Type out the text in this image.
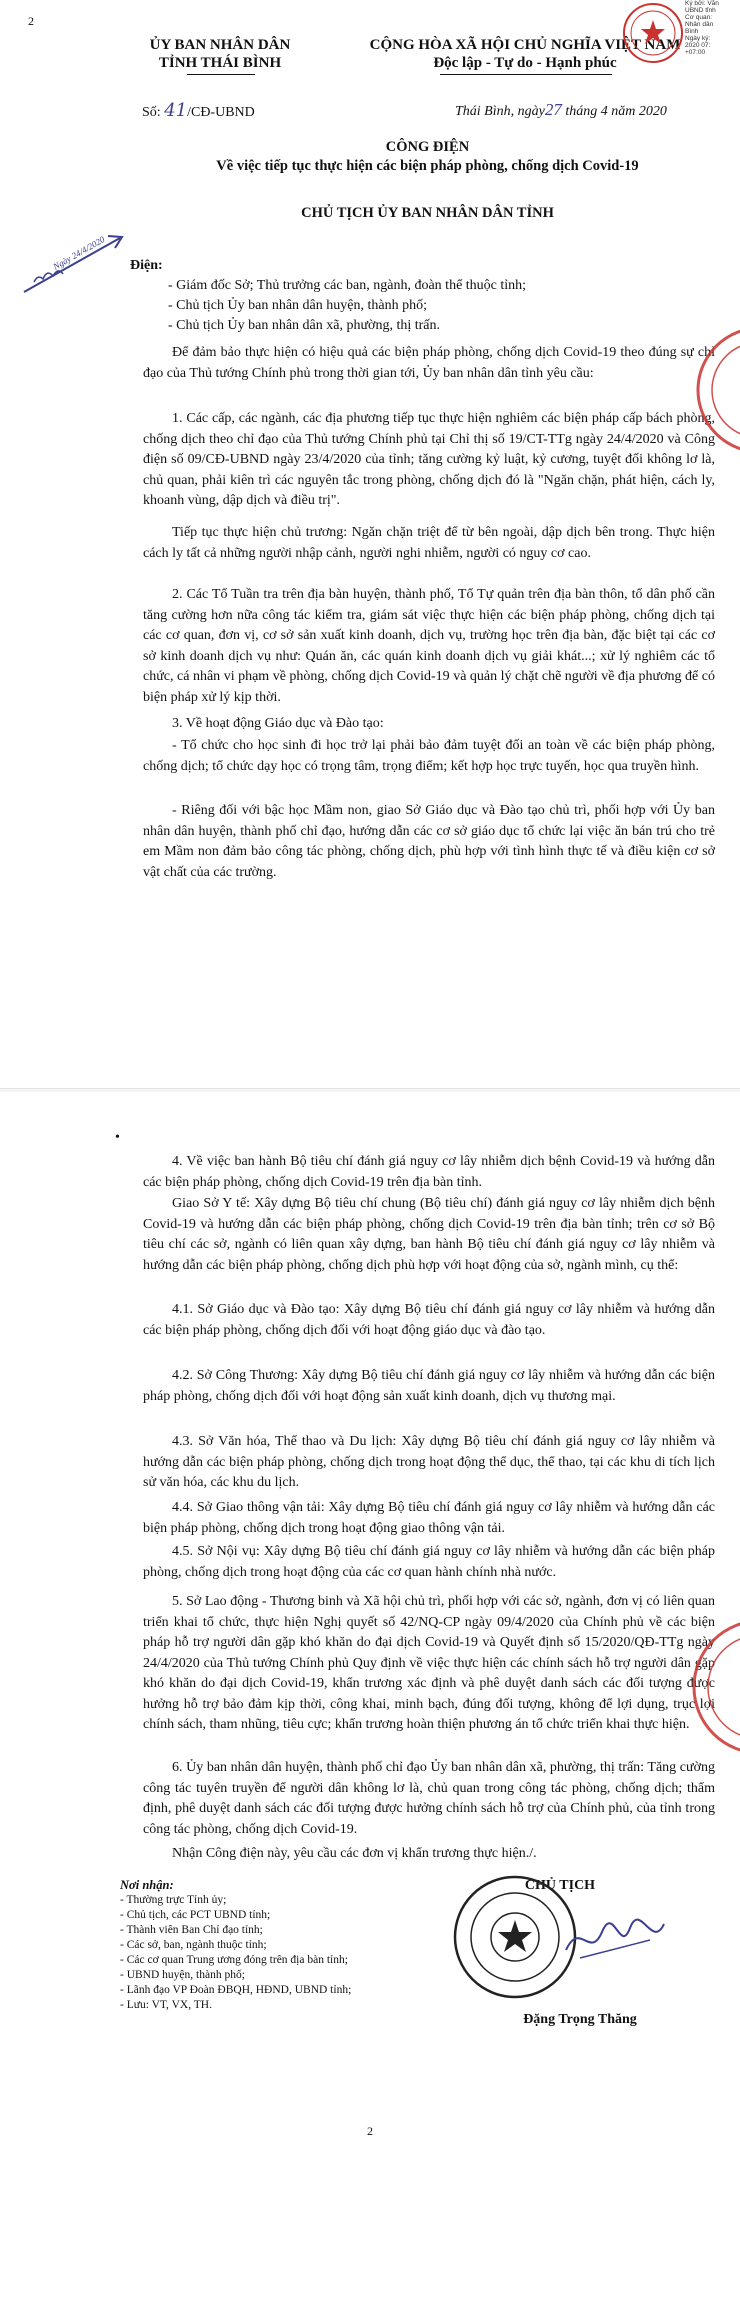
2
ỦY BAN NHÂN DÂN
TỈNH THÁI BÌNH
CỘNG HÒA XÃ HỘI CHỦ NGHĨA VIỆT NAM
Độc lập - Tự do - Hạnh phúc
Ký bởi: Văn
UBND tỉnh
Cơ quan:
Nhân dân
Bình
Ngày ký:
2020 07:
+07:00
Số: 41/CĐ-UBND	Thái Bình, ngày27 tháng 4 năm 2020
CÔNG ĐIỆN
Về việc tiếp tục thực hiện các biện pháp phòng, chống dịch Covid-19
CHỦ TỊCH ỦY BAN NHÂN DÂN TỈNH
Ngày 24/4/2020 Điện:
- Giám đốc Sở; Thủ trưởng các ban, ngành, đoàn thể thuộc tỉnh;
- Chủ tịch Ủy ban nhân dân huyện, thành phố;
- Chủ tịch Ủy ban nhân dân xã, phường, thị trấn.

Để đảm bảo thực hiện có hiệu quả các biện pháp phòng, chống dịch Covid-19 theo đúng sự chỉ đạo của Thủ tướng Chính phủ trong thời gian tới, Ủy ban nhân dân tỉnh yêu cầu:

1. Các cấp, các ngành, các địa phương tiếp tục thực hiện nghiêm các biện pháp cấp bách phòng, chống dịch theo chỉ đạo của Thủ tướng Chính phủ tại Chỉ thị số 19/CT-TTg ngày 24/4/2020 và Công điện số 09/CĐ-UBND ngày 23/4/2020 của tỉnh; tăng cường kỷ luật, kỷ cương, tuyệt đối không lơ là, chủ quan, phải kiên trì các nguyên tắc trong phòng, chống dịch đó là "Ngăn chặn, phát hiện, cách ly, khoanh vùng, dập dịch và điều trị".

Tiếp tục thực hiện chủ trương: Ngăn chặn triệt để từ bên ngoài, dập dịch bên trong. Thực hiện cách ly tất cả những người nhập cảnh, người nghi nhiễm, người có nguy cơ cao.

2. Các Tổ Tuần tra trên địa bàn huyện, thành phố, Tổ Tự quản trên địa bàn thôn, tổ dân phố cần tăng cường hơn nữa công tác kiểm tra, giám sát việc thực hiện các biện pháp phòng, chống dịch tại các cơ quan, đơn vị, cơ sở sản xuất kinh doanh, dịch vụ, trường học trên địa bàn, đặc biệt tại các cơ sở kinh doanh dịch vụ như: Quán ăn, các quán kinh doanh dịch vụ giải khát...; xử lý nghiêm các tổ chức, cá nhân vi phạm về phòng, chống dịch Covid-19 và quản lý chặt chẽ người về địa phương để có biện pháp xử lý kịp thời.

3. Về hoạt động Giáo dục và Đào tạo:

- Tổ chức cho học sinh đi học trở lại phải bảo đảm tuyệt đối an toàn về các biện pháp phòng, chống dịch; tổ chức dạy học có trọng tâm, trọng điểm; kết hợp học trực tuyến, học qua truyền hình.

- Riêng đối với bậc học Mầm non, giao Sở Giáo dục và Đào tạo chủ trì, phối hợp với Ủy ban nhân dân huyện, thành phố chỉ đạo, hướng dẫn các cơ sở giáo dục tổ chức lại việc ăn bán trú cho trẻ em Mầm non đảm bảo công tác phòng, chống dịch, phù hợp với tình hình thực tế và điều kiện cơ sở vật chất của các trường.

•

4. Về việc ban hành Bộ tiêu chí đánh giá nguy cơ lây nhiễm dịch bệnh Covid-19 và hướng dẫn các biện pháp phòng, chống dịch Covid-19 trên địa bàn tỉnh.

Giao Sở Y tế: Xây dựng Bộ tiêu chí chung (Bộ tiêu chí) đánh giá nguy cơ lây nhiễm dịch bệnh Covid-19 và hướng dẫn các biện pháp phòng, chống dịch Covid-19 trên địa bàn tỉnh; trên cơ sở Bộ tiêu chí các sở, ngành có liên quan xây dựng, ban hành Bộ tiêu chí đánh giá nguy cơ lây nhiễm và hướng dẫn các biện pháp phòng, chống dịch phù hợp với hoạt động của sở, ngành mình, cụ thể:

4.1. Sở Giáo dục và Đào tạo: Xây dựng Bộ tiêu chí đánh giá nguy cơ lây nhiễm và hướng dẫn các biện pháp phòng, chống dịch đối với hoạt động giáo dục và đào tạo.

4.2. Sở Công Thương: Xây dựng Bộ tiêu chí đánh giá nguy cơ lây nhiễm và hướng dẫn các biện pháp phòng, chống dịch đối với hoạt động sản xuất kinh doanh, dịch vụ thương mại.

4.3. Sở Văn hóa, Thể thao và Du lịch: Xây dựng Bộ tiêu chí đánh giá nguy cơ lây nhiễm và hướng dẫn các biện pháp phòng, chống dịch trong hoạt động thể dục, thể thao, tại các khu di tích lịch sử văn hóa, các khu du lịch.

4.4. Sở Giao thông vận tải: Xây dựng Bộ tiêu chí đánh giá nguy cơ lây nhiễm và hướng dẫn các biện pháp phòng, chống dịch trong hoạt động giao thông vận tải.

4.5. Sở Nội vụ: Xây dựng Bộ tiêu chí đánh giá nguy cơ lây nhiễm và hướng dẫn các biện pháp phòng, chống dịch trong hoạt động của các cơ quan hành chính nhà nước.

5. Sở Lao động - Thương binh và Xã hội chủ trì, phối hợp với các sở, ngành, đơn vị có liên quan triển khai tổ chức, thực hiện Nghị quyết số 42/NQ-CP ngày 09/4/2020 của Chính phủ về các biện pháp hỗ trợ người dân gặp khó khăn do đại dịch Covid-19 và Quyết định số 15/2020/QĐ-TTg ngày 24/4/2020 của Thủ tướng Chính phủ Quy định về việc thực hiện các chính sách hỗ trợ người dân gặp khó khăn do đại dịch Covid-19, khẩn trương xác định và phê duyệt danh sách các đối tượng được hưởng hỗ trợ bảo đảm kịp thời, công khai, minh bạch, đúng đối tượng, không để lợi dụng, trục lợi chính sách, tham nhũng, tiêu cực; khẩn trương hoàn thiện phương án tổ chức triển khai thực hiện.

6. Ủy ban nhân dân huyện, thành phố chỉ đạo Ủy ban nhân dân xã, phường, thị trấn: Tăng cường công tác tuyên truyền để người dân không lơ là, chủ quan trong công tác phòng, chống dịch; thẩm định, phê duyệt danh sách các đối tượng được hưởng chính sách hỗ trợ của Chính phủ, của tỉnh trong công tác phòng, chống dịch Covid-19.

Nhận Công điện này, yêu cầu các đơn vị khẩn trương thực hiện./.

Nơi nhận:
- Thường trực Tỉnh ủy;
- Chủ tịch, các PCT UBND tỉnh;
- Thành viên Ban Chỉ đạo tỉnh;
- Các sở, ban, ngành thuộc tỉnh;
- Các cơ quan Trung ương đóng trên địa bàn tỉnh;
- UBND huyện, thành phố;
- Lãnh đạo VP Đoàn ĐBQH, HĐND, UBND tỉnh;
- Lưu: VT, VX, TH.
CHỦ TỊCH
Đặng Trọng Thăng
2
